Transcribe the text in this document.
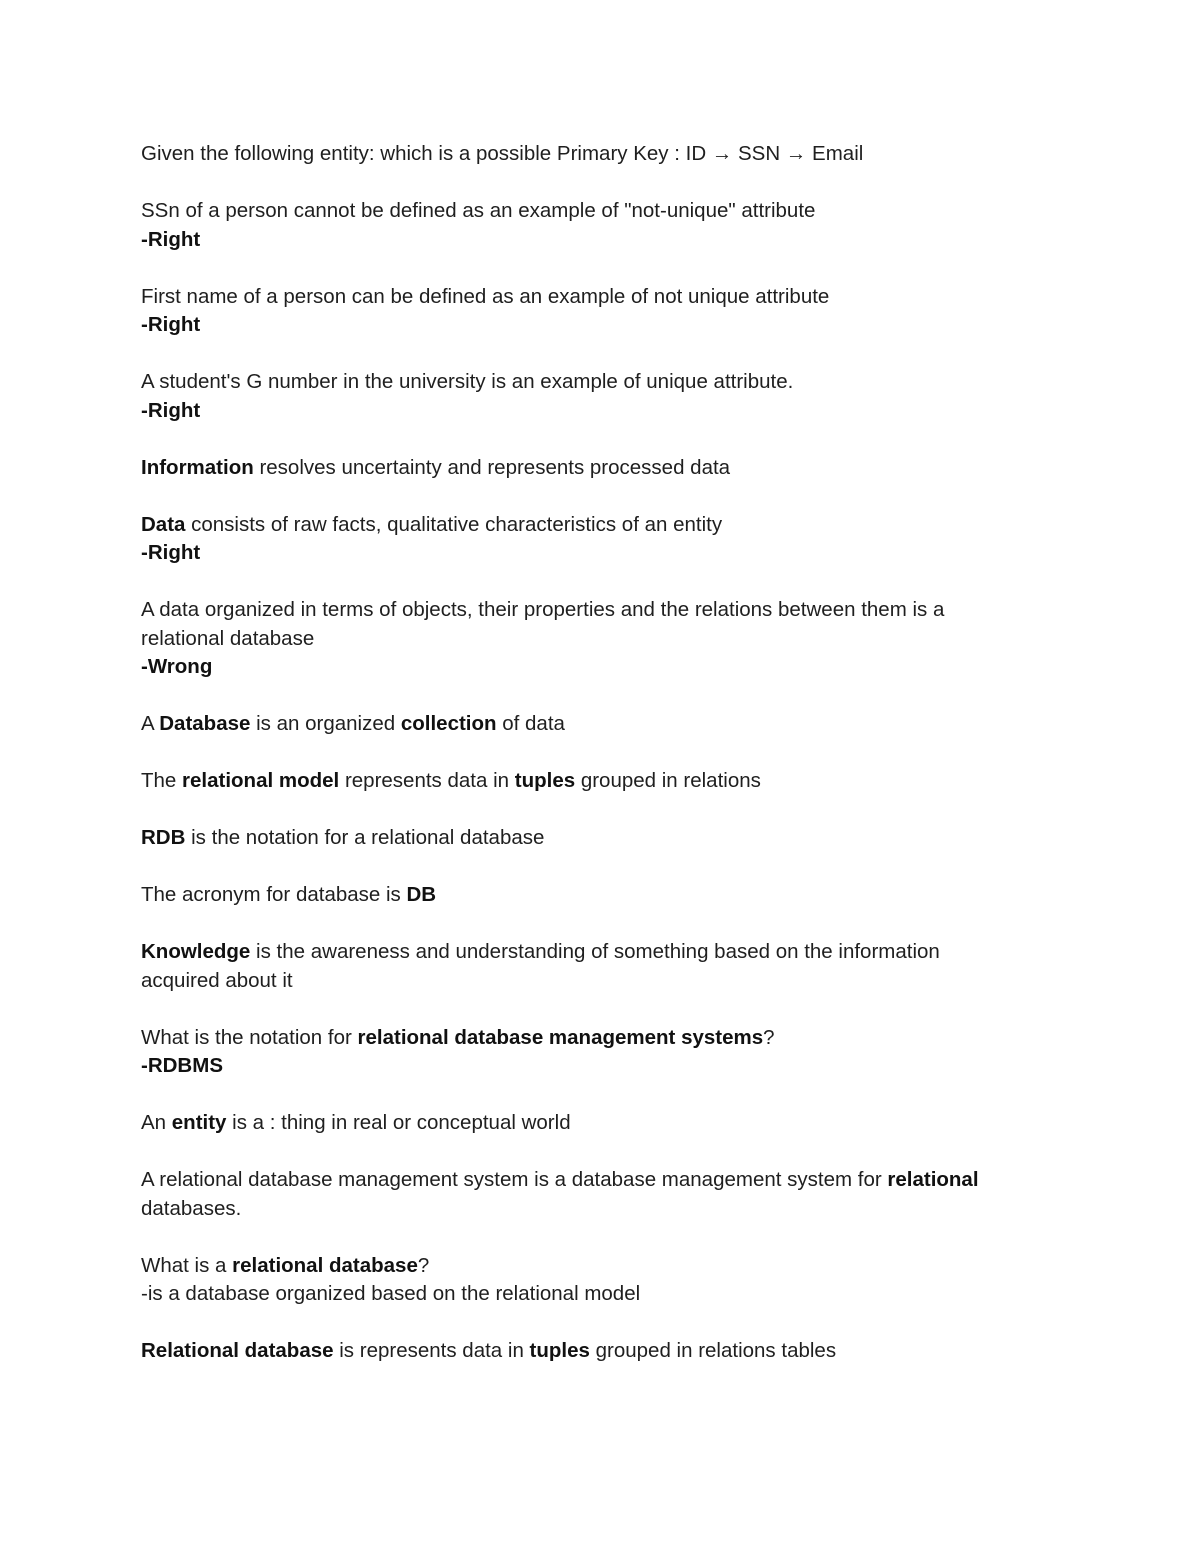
Given the following entity: which is a possible Primary Key : ID → SSN → Email
SSn of a person cannot be defined as an example of "not-unique" attribute
-Right
First name of a person can be defined as an example of not unique attribute
-Right
A student's G number in the university is an example of unique attribute.
-Right
Information resolves uncertainty and represents processed data
Data consists of raw facts, qualitative characteristics of an entity
-Right
A data organized in terms of objects, their properties and the relations between them is a
relational database
-Wrong
A Database is an organized collection of data
The relational model represents data in tuples grouped in relations
RDB is the notation for a relational database
The acronym for database is DB
Knowledge is the awareness and understanding of something based on the information
acquired about it
What is the notation for relational database management systems?
-RDBMS
An entity is a : thing in real or conceptual world
A relational database management system is a database management system for relational
databases.
What is a relational database?
-is a database organized based on the relational model
Relational database is represents data in tuples grouped in relations tables
